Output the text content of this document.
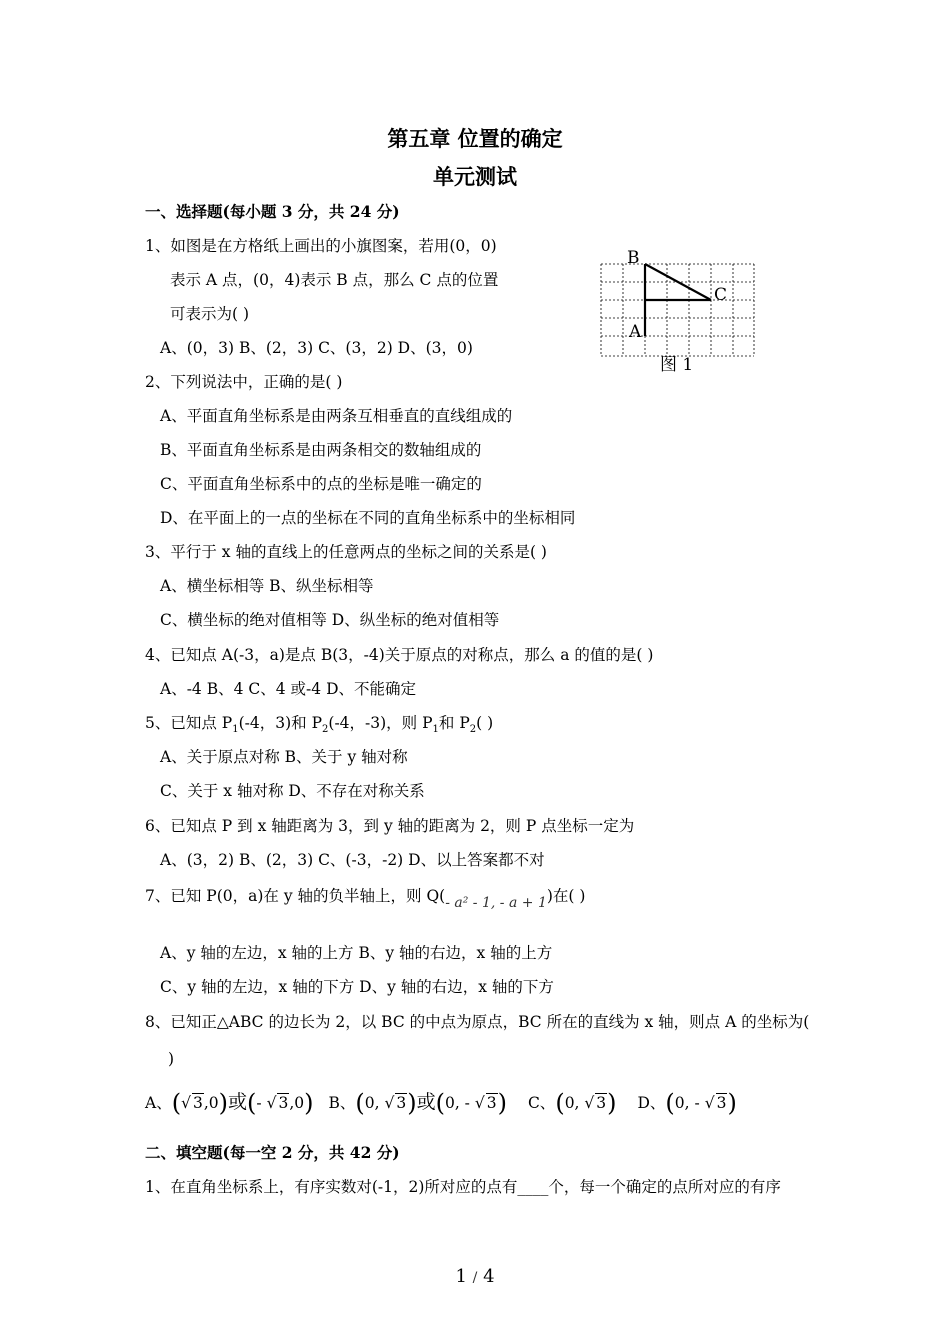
第五章 位置的确定
单元测试
一、选择题(每小题 3 分，共 24 分)
1、如图是在方格纸上画出的小旗图案，若用(0，0)
表示 A 点，(0，4)表示 B 点，那么 C 点的位置
可表示为( )
A、(0，3) B、(2，3) C、(3，2) D、(3，0)
B
C
A
图 1
2、下列说法中，正确的是( )
A、平面直角坐标系是由两条互相垂直的直线组成的
B、平面直角坐标系是由两条相交的数轴组成的
C、平面直角坐标系中的点的坐标是唯一确定的
D、在平面上的一点的坐标在不同的直角坐标系中的坐标相同
3、平行于 x 轴的直线上的任意两点的坐标之间的关系是( )
A、横坐标相等 B、纵坐标相等
C、横坐标的绝对值相等 D、纵坐标的绝对值相等
4、已知点 A(-3，a)是点 B(3，-4)关于原点的对称点，那么 a 的值的是( )
A、-4 B、4 C、4 或-4 D、不能确定
5、已知点 $P_1(-4$，3)和 $P_2(-4$，-3)，则 $P_1$和 $P_2$( )
A、关于原点对称 B、关于 y 轴对称
C、关于 x 轴对称 D、不存在对称关系
6、已知点 P 到 x 轴距离为 3，到 y 轴的距离为 2，则 P 点坐标一定为
A、(3，2) B、(2，3) C、(-3，-2) D、以上答案都不对
7、已知 P(0，a)在 y 轴的负半轴上，则 Q(- a² - 1, - a + 1)在( )
A、y 轴的左边，x 轴的上方 B、y 轴的右边，x 轴的上方
C、y 轴的左边，x 轴的下方 D、y 轴的右边，x 轴的下方
8、已知正△ABC 的边长为 2，以 BC 的中点为原点，BC 所在的直线为 x 轴，则点 A 的坐标为(
)
A、(√ 3,0)或(- √ 3,0) B、(0, √ 3)或(0, - √ 3) C、(0, √ 3) D、(0, - √ 3)
二、填空题(每一空 2 分，共 42 分)
1、在直角坐标系上，有序实数对(-1，2)所对应的点有____个，每一个确定的点所对应的有序
1 / 4
